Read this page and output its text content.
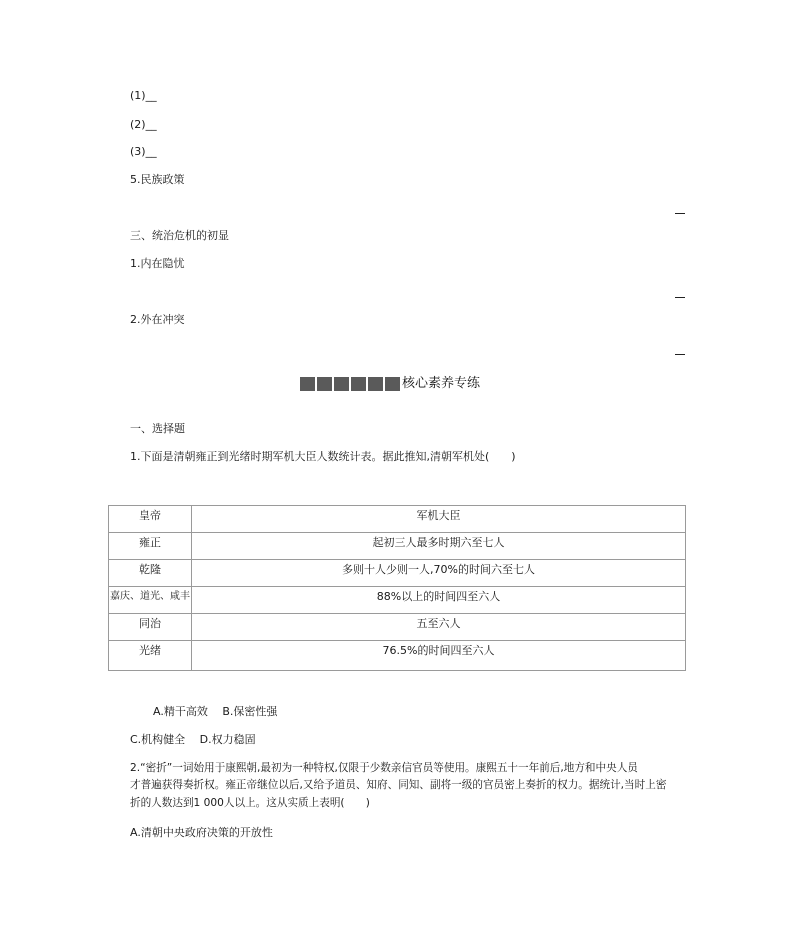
(1)__
(2)__
(3)__
5.民族政策
三、统治危机的初显
1.内在隐忧
2.外在冲突
核心素养专练
一、选择题
1.下面是清朝雍正到光绪时期军机大臣人数统计表。据此推知,清朝军机处(　　)
皇帝	军机大臣
雍正	起初三人最多时期六至七人
乾隆	多则十人少则一人,70%的时间六至七人
嘉庆、道光、咸丰	88%以上的时间四至六人
同治	五至六人
光绪	76.5%的时间四至六人
A.精干高效　 B.保密性强
C.机构健全　 D.权力稳固
2.“密折”一词始用于康熙朝,最初为一种特权,仅限于少数亲信官员等使用。康熙五十一年前后,地方和中央人员
才普遍获得奏折权。雍正帝继位以后,又给予道员、知府、同知、副将一级的官员密上奏折的权力。据统计,当时上密
折的人数达到1 000人以上。这从实质上表明(　　)
A.清朝中央政府决策的开放性
